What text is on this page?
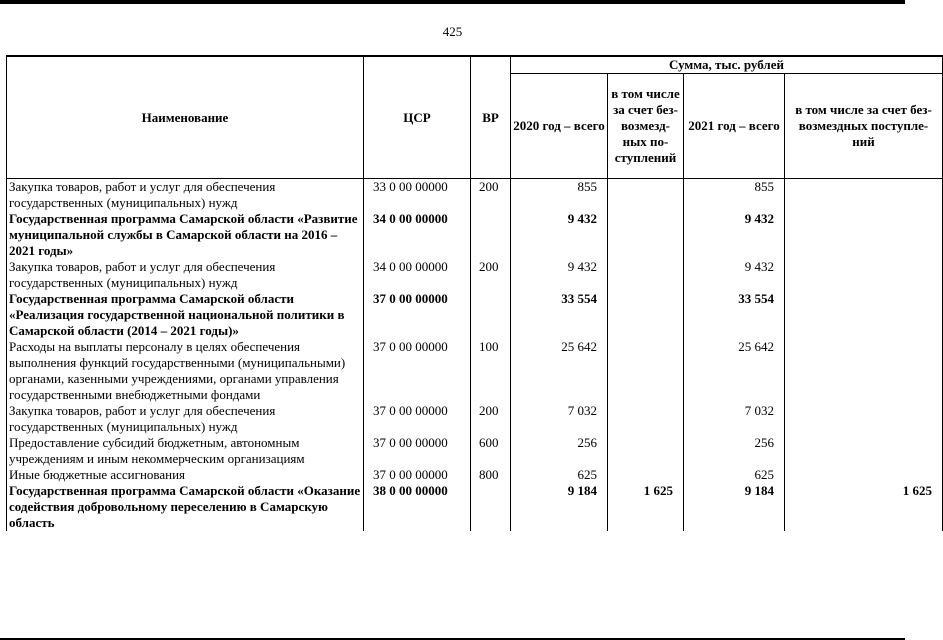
425
Наименование	ЦСР	ВР	Сумма, тыс. рублей			
			2020 год – всего	в том числе за счет без- возмезд- ных по- ступлений	2021 год – всего	в том числе за счет без- возмездных поступле- ний
Закупка товаров, работ и услуг для обеспечения государственных (муниципальных) нужд	33 0 00 00000	200	855		855	
Государственная программа Самарской области «Развитие муниципальной службы в Самарской области на 2016 – 2021 годы»	34 0 00 00000		9 432		9 432	
Закупка товаров, работ и услуг для обеспечения государственных (муниципальных) нужд	34 0 00 00000	200	9 432		9 432	
Государственная программа Самарской области «Реализация государственной национальной политики в Самарской области (2014 – 2021 годы)»	37 0 00 00000		33 554		33 554	
Расходы на выплаты персоналу в целях обеспечения выполнения функций государственными (муниципальными) органами, казенными учреждениями, органами управления государственными внебюджетными фондами	37 0 00 00000	100	25 642		25 642	
Закупка товаров, работ и услуг для обеспечения государственных (муниципальных) нужд	37 0 00 00000	200	7 032		7 032	
Предоставление субсидий бюджетным, автономным учреждениям и иным некоммерческим организациям	37 0 00 00000	600	256		256	
Иные бюджетные ассигнования	37 0 00 00000	800	625		625	
Государственная программа Самарской области «Оказание содействия добровольному переселению в Самарскую область	38 0 00 00000		9 184	1 625	9 184	1 625
